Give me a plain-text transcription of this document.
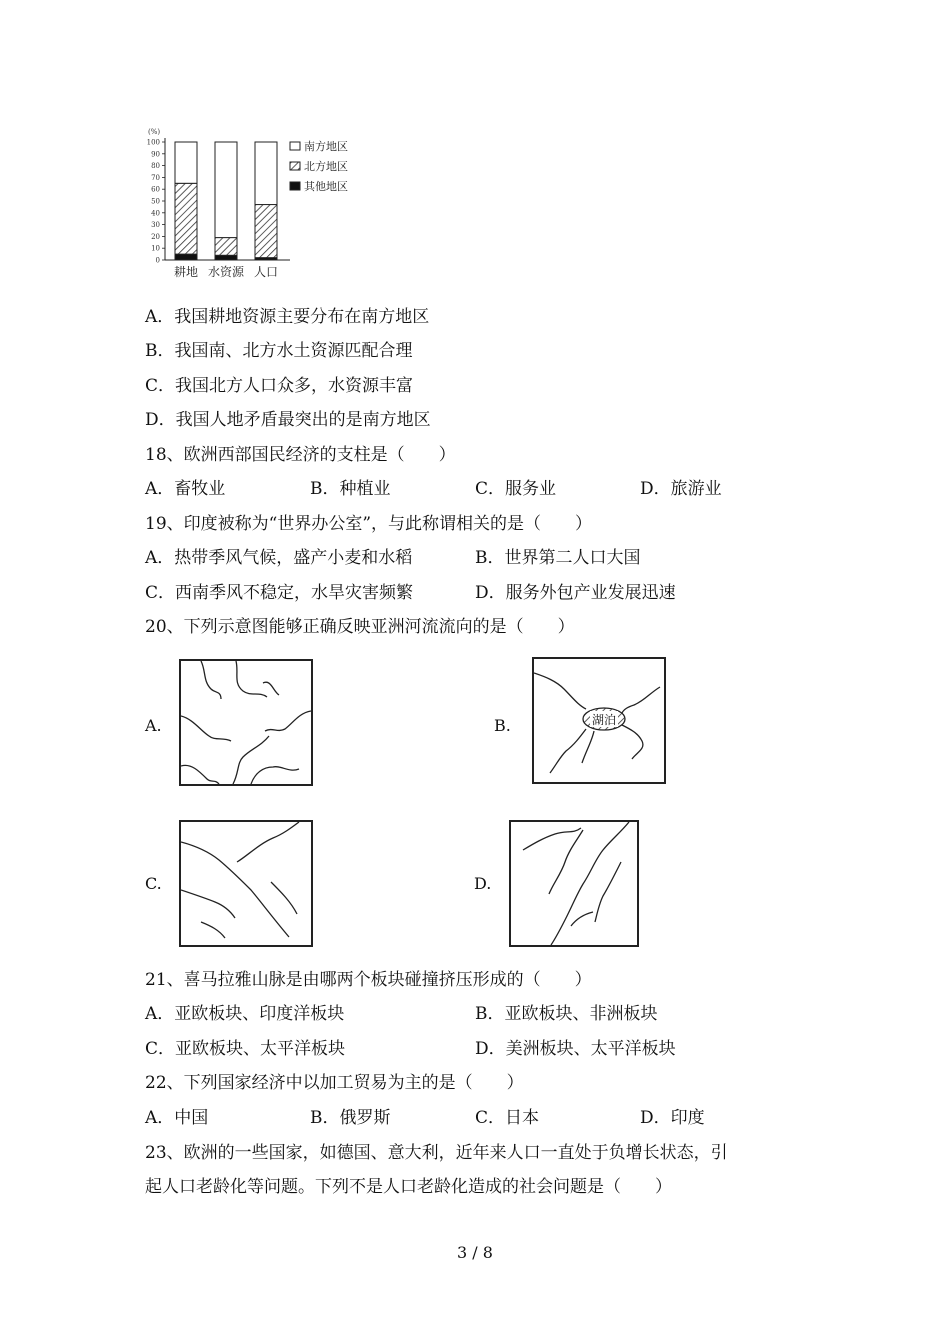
(%)
0
10
20
30
40
50
60
70
80
90
100
耕地 水资源 人口
南方地区
北方地区
其他地区
A．我国耕地资源主要分布在南方地区
B．我国南、北方水土资源匹配合理
C．我国北方人口众多，水资源丰富
D．我国人地矛盾最突出的是南方地区
18、欧洲西部国民经济的支柱是（　　）
A．畜牧业	B．种植业	C．服务业	D．旅游业
19、印度被称为“世界办公室”，与此称谓相关的是（　　）
A．热带季风气候，盛产小麦和水稻	B．世界第二人口大国
C．西南季风不稳定，水旱灾害频繁	D．服务外包产业发展迅速
20、下列示意图能够正确反映亚洲河流流向的是（　　）
A.	B.	湖泊
C.	D.
21、喜马拉雅山脉是由哪两个板块碰撞挤压形成的（　　）
A．亚欧板块、印度洋板块	B．亚欧板块、非洲板块
C．亚欧板块、太平洋板块	D．美洲板块、太平洋板块
22、下列国家经济中以加工贸易为主的是（　　）
A．中国	B．俄罗斯	C．日本	D．印度
23、欧洲的一些国家，如德国、意大利，近年来人口一直处于负增长状态，引
起人口老龄化等问题。下列不是人口老龄化造成的社会问题是（　　）
3 / 8
